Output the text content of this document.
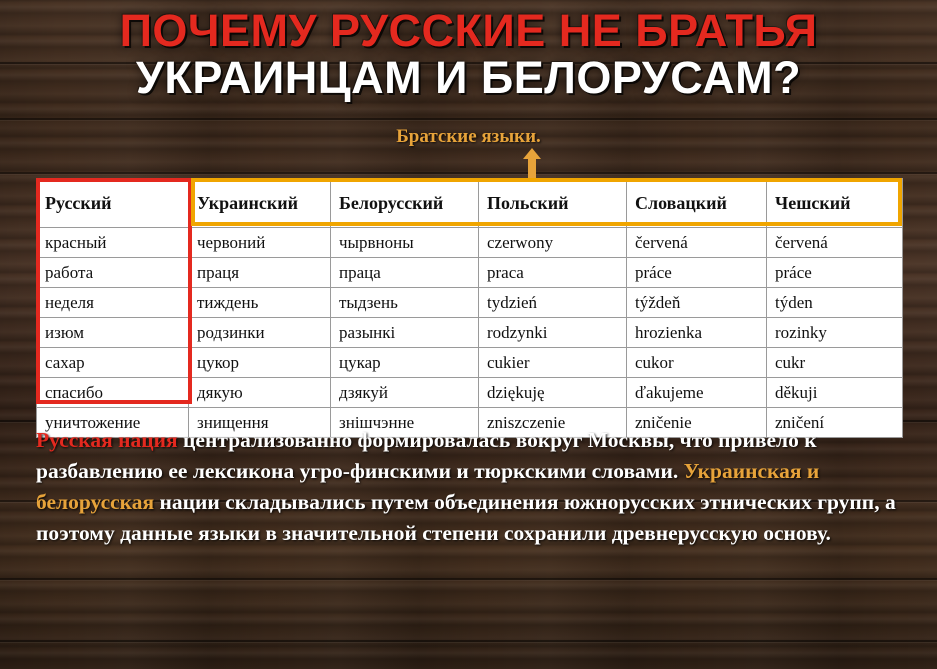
ПОЧЕМУ РУССКИЕ НЕ БРАТЬЯ
УКРАИНЦАМ И БЕЛОРУСАМ?
Братские языки.
Русский	Украинский	Белорусский	Польский	Словацкий	Чешский
красный	червоний	чырвноны	czerwony	červená	červená
работа	праця	праца	praca	práce	práce
неделя	тиждень	тыдзень	tydzień	týždeň	týden
изюм	родзинки	разынкі	rodzynki	hrozienka	rozinky
сахар	цукор	цукар	cukier	cukor	cukr
спасибо	дякую	дзякуй	dziękuję	ďakujeme	děkuji
уничтожение	знищення	знішчэнне	zniszczenie	zničenie	zničení
Русская нация централизованно формировалась вокруг Москвы, что привело к разбавлению ее лексикона угро-финскими и тюркскими словами. Украинская и белорусская нации складывались путем объединения южнорусских этнических групп, а поэтому данные языки в значительной степени сохранили древнерусскую основу.
